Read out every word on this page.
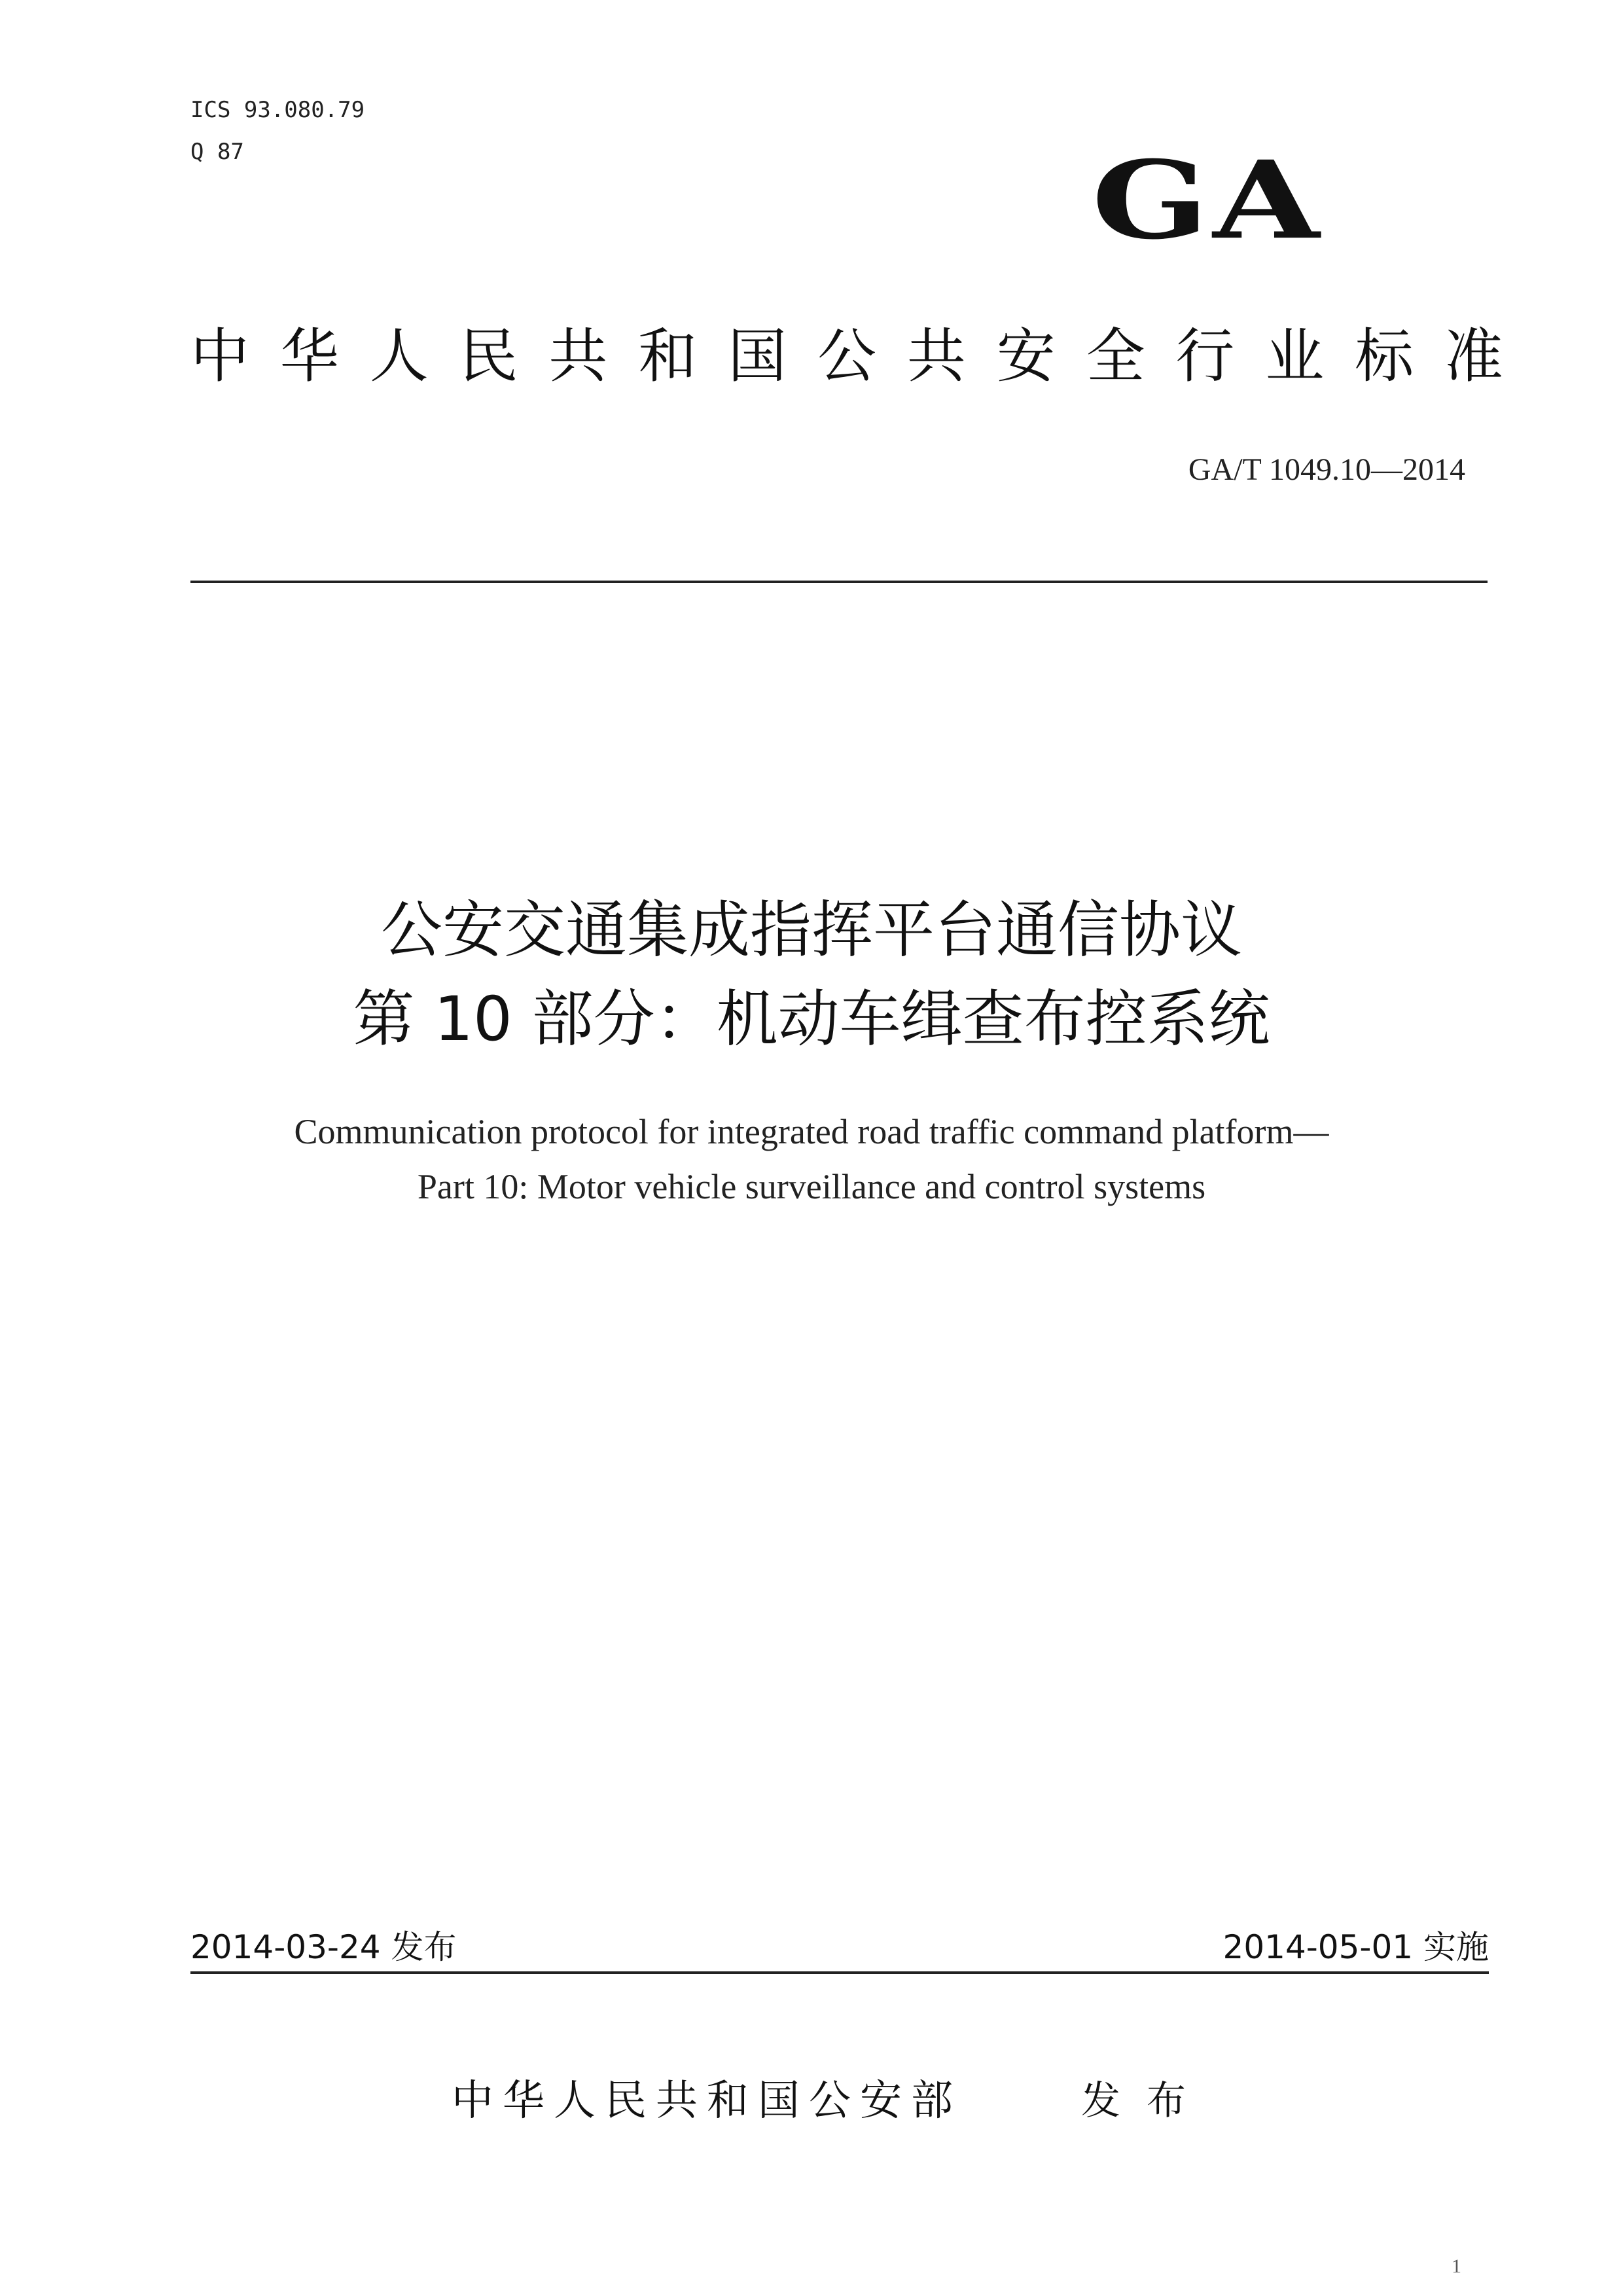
ICS 93.080.79
Q 87	GA
中华人民共和国公共安全行业标准
GA/T 1049.10—2014
公安交通集成指挥平台通信协议
第 10 部分：机动车缉查布控系统
Communication protocol for integrated road traffic command platform—
Part 10: Motor vehicle surveillance and control systems
2014-03-24 发布	2014-05-01 实施
中华人民共和国公安部	发布
1
